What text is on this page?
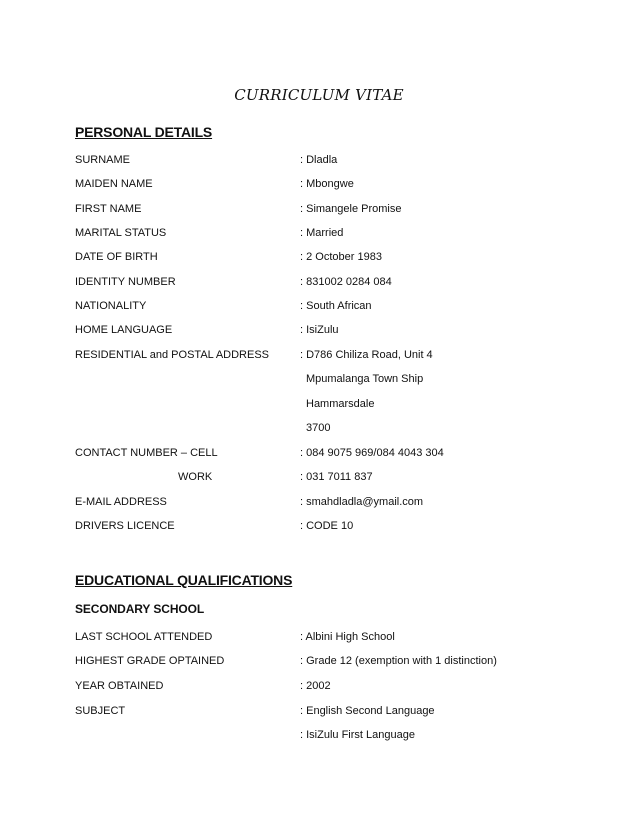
CURRICULUM VITAE
PERSONAL DETAILS
SURNAME	: Dladla
MAIDEN NAME	: Mbongwe
FIRST NAME	: Simangele Promise
MARITAL STATUS	: Married
DATE OF BIRTH	: 2 October 1983
IDENTITY NUMBER	: 831002 0284 084
NATIONALITY	: South African
HOME LANGUAGE	: IsiZulu
RESIDENTIAL and POSTAL ADDRESS	: D786 Chiliza Road, Unit 4
Mpumalanga Town Ship
Hammarsdale
3700
CONTACT NUMBER – CELL	: 084 9075 969/084 4043 304
WORK	: 031 7011 837
E-MAIL ADDRESS	: smahdladla@ymail.com
DRIVERS LICENCE	: CODE 10
EDUCATIONAL QUALIFICATIONS
SECONDARY SCHOOL
LAST SCHOOL ATTENDED	: Albini High School
HIGHEST GRADE OPTAINED	: Grade 12 (exemption with 1 distinction)
YEAR OBTAINED	: 2002
SUBJECT	: English Second Language
: IsiZulu First Language
